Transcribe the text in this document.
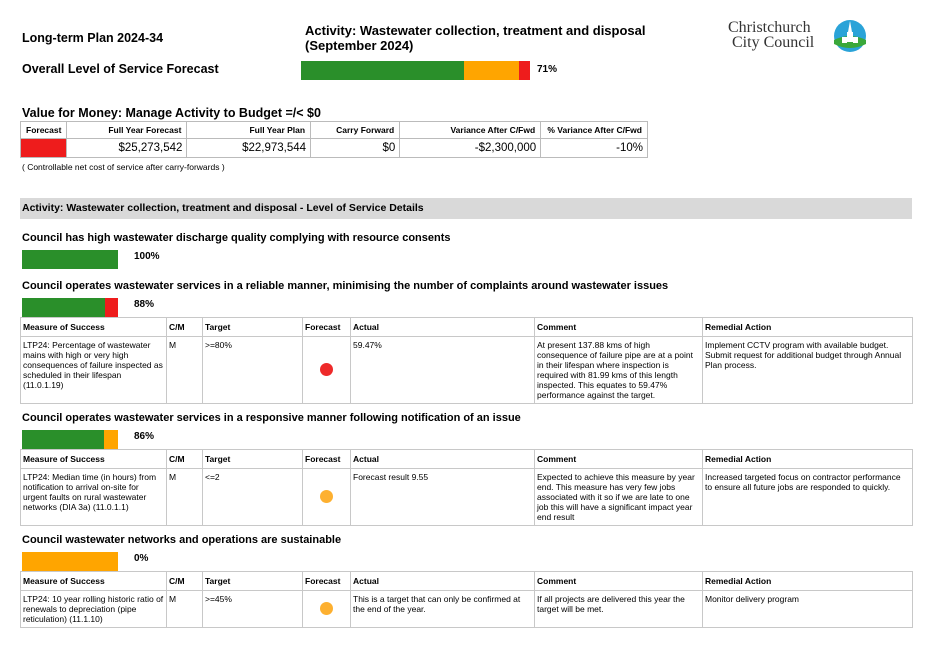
Long-term Plan 2024-34	Activity: Wastewater collection, treatment and disposal (September 2024)
Christchurch
City Council
Overall Level of Service Forecast	71%
Value for Money: Manage Activity to Budget =/< $0
Forecast	Full Year Forecast	Full Year Plan	Carry Forward	Variance After C/Fwd	% Variance After C/Fwd
	$25,273,542	$22,973,544	$0	-$2,300,000	-10%
( Controllable net cost of service after carry-forwards )
Activity: Wastewater collection, treatment and disposal - Level of Service Details
Council has high wastewater discharge quality complying with resource consents
100%
Council operates wastewater services in a reliable manner, minimising the number of complaints around wastewater issues
88%
Measure of Success	C/M	Target	Forecast	Actual	Comment	Remedial Action
LTP24: Percentage of wastewater mains with high or very high consequences of failure inspected as scheduled in their lifespan (11.0.1.19)	M	>=80%		59.47%	At present 137.88 kms of high consequence of failure pipe are at a point in their lifespan where inspection is required with 81.99 kms of this length inspected. This equates to 59.47% performance against the target.	Implement CCTV program with available budget. Submit request for additional budget through Annual Plan process.
Council operates wastewater services in a responsive manner following notification of an issue
86%
Measure of Success	C/M	Target	Forecast	Actual	Comment	Remedial Action
LTP24: Median time (in hours) from notification to arrival on-site for urgent faults on rural wastewater networks (DIA 3a) (11.0.1.1)	M	<=2		Forecast result 9.55	Expected to achieve this measure by year end. This measure has very few jobs associated with it so if we are late to one job this will have a significant impact year end result	Increased targeted focus on contractor performance to ensure all future jobs are responded to quickly.
Council wastewater networks and operations are sustainable
0%
Measure of Success	C/M	Target	Forecast	Actual	Comment	Remedial Action
LTP24: 10 year rolling historic ratio of renewals to depreciation (pipe reticulation) (11.1.10)	M	>=45%		This is a target that can only be confirmed at the end of the year.	If all projects are delivered this year the target will be met.	Monitor delivery program
